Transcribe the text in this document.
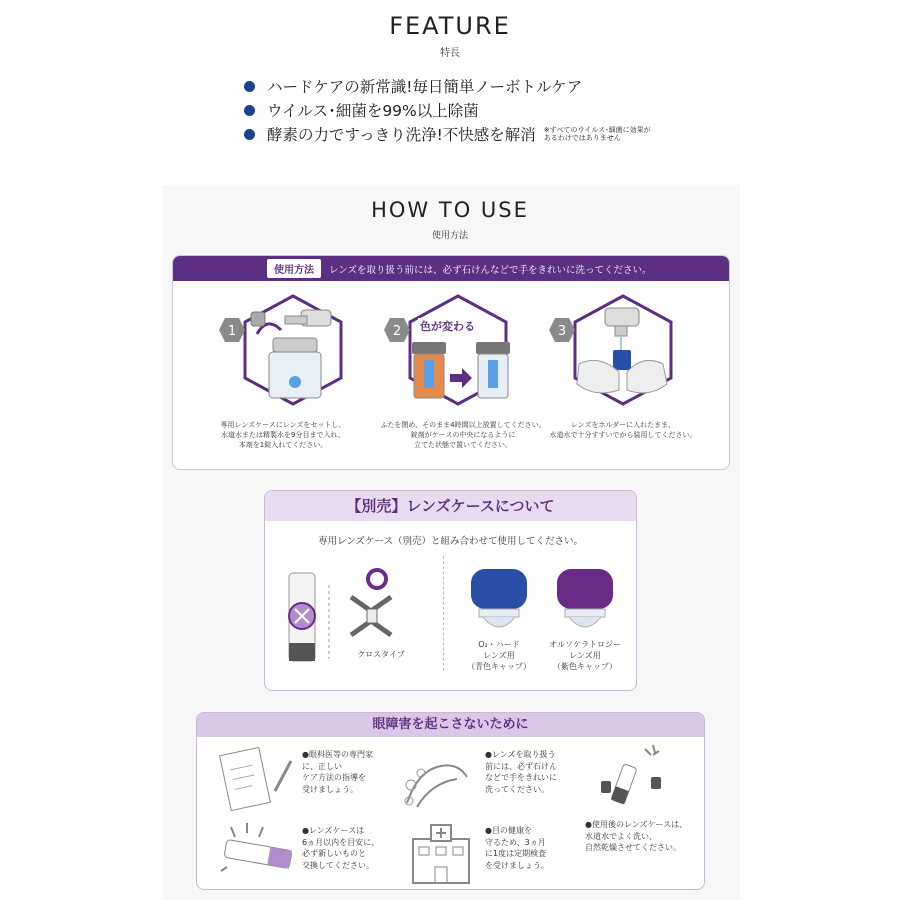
FEATURE
特長
ハードケアの新常識!毎日簡単ノーボトルケア
ウイルス･細菌を99%以上除菌
酵素の力ですっきり洗浄!不快感を解消 ※すべてのウイルス･細菌に効果が
あるわけではありません
HOW TO USE
使用方法
使用方法	レンズを取り扱う前には、必ず石けんなどで手をきれいに洗ってください。
1
専用レンズケースにレンズをセットし、
水道水または精製水を9分目まで入れ、
本剤を1錠入れてください。
2 色が変わる
ふたを閉め、そのまま4時間以上放置してください。
錠剤がケースの中央になるように
立てた状態で置いてください。
3
レンズをホルダーに入れたまま、
水道水で十分すすいでから装用してください。
【別売】レンズケースについて
専用レンズケース（別売）と組み合わせて使用してください。
クロスタイプ
O₂・ハード
レンズ用
（青色キャップ）
オルソケラトロジー
レンズ用
（紫色キャップ）
眼障害を起こさないために
●眼科医等の専門家
に、正しい
ケア方法の指導を
受けましょう。
●レンズを取り扱う
前には、必ず石けん
などで手をきれいに
洗ってください。
●使用後のレンズケースは、
水道水でよく洗い、
自然乾燥させてください。
●レンズケースは
6ヵ月以内を目安に、
必ず新しいものと
交換してください。
●目の健康を
守るため、3ヵ月
に1度は定期検査
を受けましょう。
